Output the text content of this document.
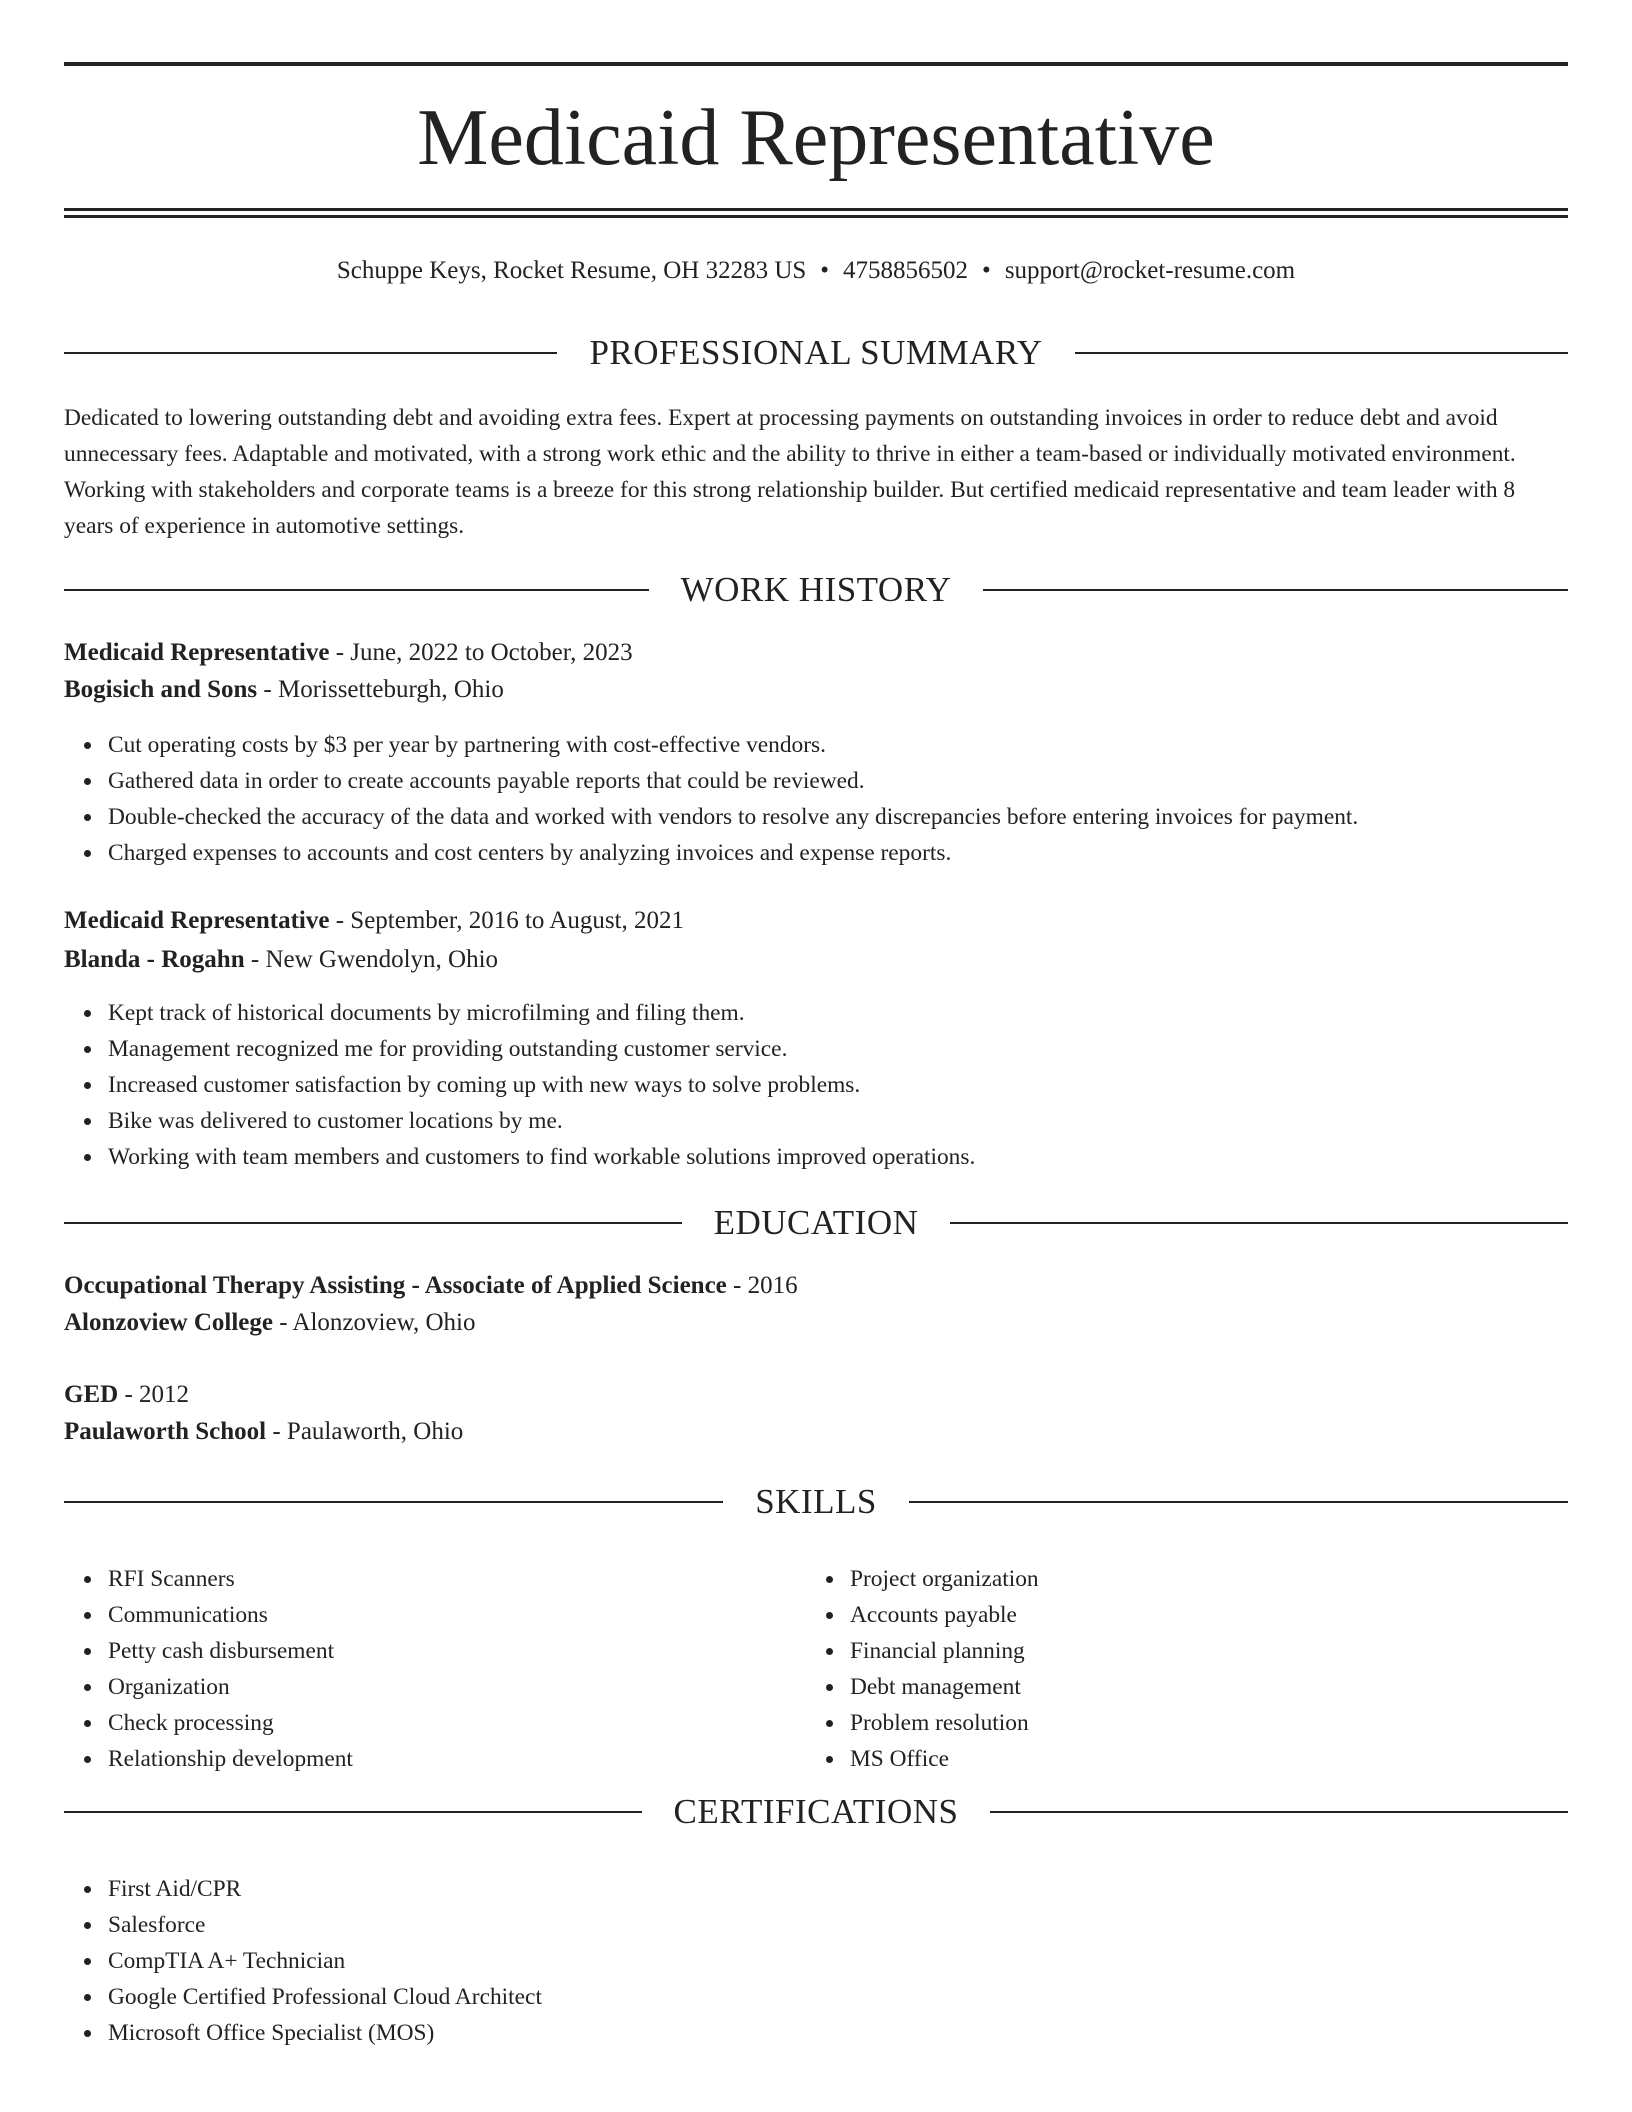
Medicaid Representative
Schuppe Keys, Rocket Resume, OH 32283 US • 4758856502 • support@rocket-resume.com
PROFESSIONAL SUMMARY
Dedicated to lowering outstanding debt and avoiding extra fees. Expert at processing payments on outstanding invoices in order to reduce debt and avoid unnecessary fees. Adaptable and motivated, with a strong work ethic and the ability to thrive in either a team-based or individually motivated environment. Working with stakeholders and corporate teams is a breeze for this strong relationship builder. But certified medicaid representative and team leader with 8 years of experience in automotive settings.
WORK HISTORY
Medicaid Representative - June, 2022 to October, 2023
Bogisich and Sons - Morissetteburgh, Ohio
Cut operating costs by $3 per year by partnering with cost-effective vendors.
Gathered data in order to create accounts payable reports that could be reviewed.
Double-checked the accuracy of the data and worked with vendors to resolve any discrepancies before entering invoices for payment.
Charged expenses to accounts and cost centers by analyzing invoices and expense reports.
Medicaid Representative - September, 2016 to August, 2021
Blanda - Rogahn - New Gwendolyn, Ohio
Kept track of historical documents by microfilming and filing them.
Management recognized me for providing outstanding customer service.
Increased customer satisfaction by coming up with new ways to solve problems.
Bike was delivered to customer locations by me.
Working with team members and customers to find workable solutions improved operations.
EDUCATION
Occupational Therapy Assisting - Associate of Applied Science - 2016
Alonzoview College - Alonzoview, Ohio
GED - 2012
Paulaworth School - Paulaworth, Ohio
SKILLS
RFI Scanners
Communications
Petty cash disbursement
Organization
Check processing
Relationship development
Project organization
Accounts payable
Financial planning
Debt management
Problem resolution
MS Office
CERTIFICATIONS
First Aid/CPR
Salesforce
CompTIA A+ Technician
Google Certified Professional Cloud Architect
Microsoft Office Specialist (MOS)
